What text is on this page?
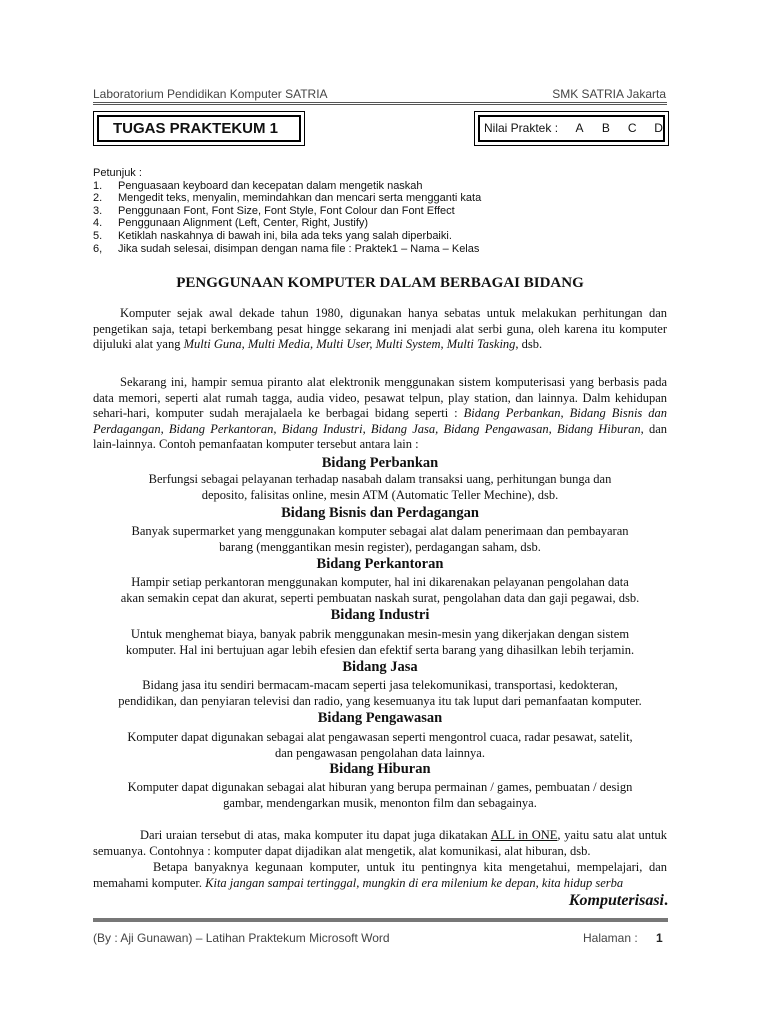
Laboratorium Pendidikan Komputer SATRIA	SMK SATRIA Jakarta
TUGAS PRAKTEKUM 1	Nilai Praktek : A B C D
Petunjuk :
1.	Penguasaan keyboard dan kecepatan dalam mengetik naskah
2.	Mengedit teks, menyalin, memindahkan dan mencari serta mengganti kata
3.	Penggunaan Font, Font Size, Font Style, Font Colour dan Font Effect
4.	Penggunaan Alignment (Left, Center, Right, Justify)
5.	Ketiklah naskahnya di bawah ini, bila ada teks yang salah diperbaiki.
6,	Jika sudah selesai, disimpan dengan nama file : Praktek1 – Nama – Kelas
PENGGUNAAN KOMPUTER DALAM BERBAGAI BIDANG

Komputer sejak awal dekade tahun 1980, digunakan hanya sebatas untuk melakukan perhitungan dan pengetikan saja, tetapi berkembang pesat hingge sekarang ini menjadi alat serbi guna, oleh karena itu komputer dijuluki alat yang Multi Guna, Multi Media, Multi User, Multi System, Multi Tasking, dsb.

Sekarang ini, hampir semua piranto alat elektronik menggunakan sistem komputerisasi yang berbasis pada data memori, seperti alat rumah tagga, audia video, pesawat telpun, play station, dan lainnya. Dalm kehidupan sehari-hari, komputer sudah merajalaela ke berbagai bidang seperti : Bidang Perbankan, Bidang Bisnis dan Perdagangan, Bidang Perkantoran, Bidang Industri, Bidang Jasa, Bidang Pengawasan, Bidang Hiburan, dan lain-lainnya. Contoh pemanfaatan komputer tersebut antara lain :

Bidang Perbankan

Berfungsi sebagai pelayanan terhadap nasabah dalam transaksi uang, perhitungan bunga dan
deposito, falisitas online, mesin ATM (Automatic Teller Mechine), dsb.

Bidang Bisnis dan Perdagangan

Banyak supermarket yang menggunakan komputer sebagai alat dalam penerimaan dan pembayaran
barang (menggantikan mesin register), perdagangan saham, dsb.

Bidang Perkantoran

Hampir setiap perkantoran menggunakan komputer, hal ini dikarenakan pelayanan pengolahan data
akan semakin cepat dan akurat, seperti pembuatan naskah surat, pengolahan data dan gaji pegawai, dsb.

Bidang Industri

Untuk menghemat biaya, banyak pabrik menggunakan mesin-mesin yang dikerjakan dengan sistem
komputer. Hal ini bertujuan agar lebih efesien dan efektif serta barang yang dihasilkan lebih terjamin.

Bidang Jasa

Bidang jasa itu sendiri bermacam-macam seperti jasa telekomunikasi, transportasi, kedokteran,
pendidikan, dan penyiaran televisi dan radio, yang kesemuanya itu tak luput dari pemanfaatan komputer.

Bidang Pengawasan

Komputer dapat digunakan sebagai alat pengawasan seperti mengontrol cuaca, radar pesawat, satelit,
dan pengawasan pengolahan data lainnya.

Bidang Hiburan

Komputer dapat digunakan sebagai alat hiburan yang berupa permainan / games, pembuatan / design
gambar, mendengarkan musik, menonton film dan sebagainya.

Dari uraian tersebut di atas, maka komputer itu dapat juga dikatakan ALL in ONE, yaitu satu alat untuk semuanya. Contohnya : komputer dapat dijadikan alat mengetik, alat komunikasi, alat hiburan, dsb.

Betapa banyaknya kegunaan komputer, untuk itu pentingnya kita mengetahui, mempelajari, dan memahami komputer. Kita jangan sampai tertinggal, mungkin di era milenium ke depan, kita hidup serba

Komputerisasi.
(By : Aji Gunawan) – Latihan Praktekum Microsoft Word	Halaman : 1
